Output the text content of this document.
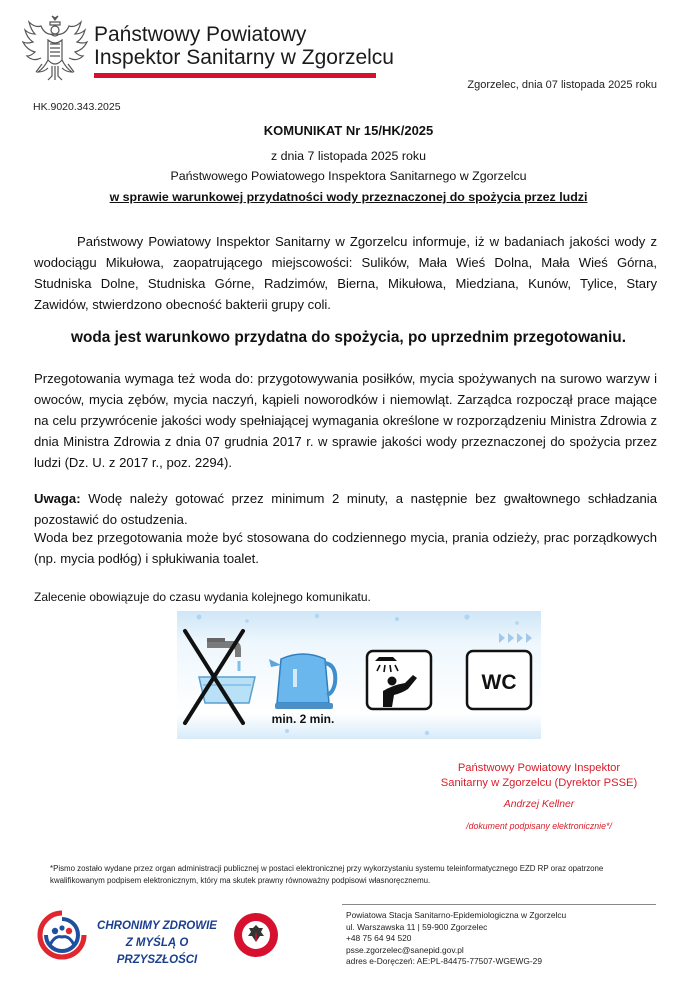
Państwowy Powiatowy
Inspektor Sanitarny w Zgorzelcu
Zgorzelec, dnia 07 listopada 2025 roku
HK.9020.343.2025
KOMUNIKAT Nr 15/HK/2025
z dnia 7 listopada 2025 roku
Państwowego Powiatowego Inspektora Sanitarnego w Zgorzelcu
w sprawie warunkowej przydatności wody przeznaczonej do spożycia przez ludzi
Państwowy Powiatowy Inspektor Sanitarny w Zgorzelcu informuje, iż w badaniach jakości wody z wodociągu Mikułowa, zaopatrującego miejscowości: Sulików, Mała Wieś Dolna, Mała Wieś Górna, Studniska Dolne, Studniska Górne, Radzimów, Bierna, Mikułowa, Miedziana, Kunów, Tylice, Stary Zawidów, stwierdzono obecność bakterii grupy coli.
woda jest warunkowo przydatna do spożycia, po uprzednim przegotowaniu.
Przegotowania wymaga też woda do: przygotowywania posiłków, mycia spożywanych na surowo warzyw i owoców, mycia zębów, mycia naczyń, kąpieli noworodków i niemowląt. Zarządca rozpoczął prace mające na celu przywrócenie jakości wody spełniającej wymagania określone w rozporządzeniu Ministra Zdrowia z dnia Ministra Zdrowia z dnia 07 grudnia 2017 r. w sprawie jakości wody przeznaczonej do spożycia przez ludzi (Dz. U. z 2017 r., poz. 2294).
Uwaga: Wodę należy gotować przez minimum 2 minuty, a następnie bez gwałtownego schładzania pozostawić do ostudzenia.
Woda bez przegotowania może być stosowana do codziennego mycia, prania odzieży, prac porządkowych (np. mycia podłóg) i spłukiwania toalet.
Zalecenie obowiązuje do czasu wydania kolejnego komunikatu.
min. 2 min.
WC
Państwowy Powiatowy Inspektor
Sanitarny w Zgorzelcu (Dyrektor PSSE)
Andrzej Kellner
/dokument podpisany elektronicznie*/
*Pismo zostało wydane przez organ administracji publicznej w postaci elektronicznej przy wykorzystaniu systemu teleinformatycznego EZD RP oraz opatrzone kwalifikowanym podpisem elektronicznym, który ma skutek prawny równoważny podpisowi własnoręcznemu.
CHRONIMY ZDROWIE
Z MYŚLĄ O PRZYSZŁOŚCI
Powiatowa Stacja Sanitarno-Epidemiologiczna w Zgorzelcu
ul. Warszawska 11 | 59-900 Zgorzelec
+48 75 64 94 520
psse.zgorzelec@sanepid.gov.pl
adres e-Doręczeń: AE:PL-84475-77507-WGEWG-29
